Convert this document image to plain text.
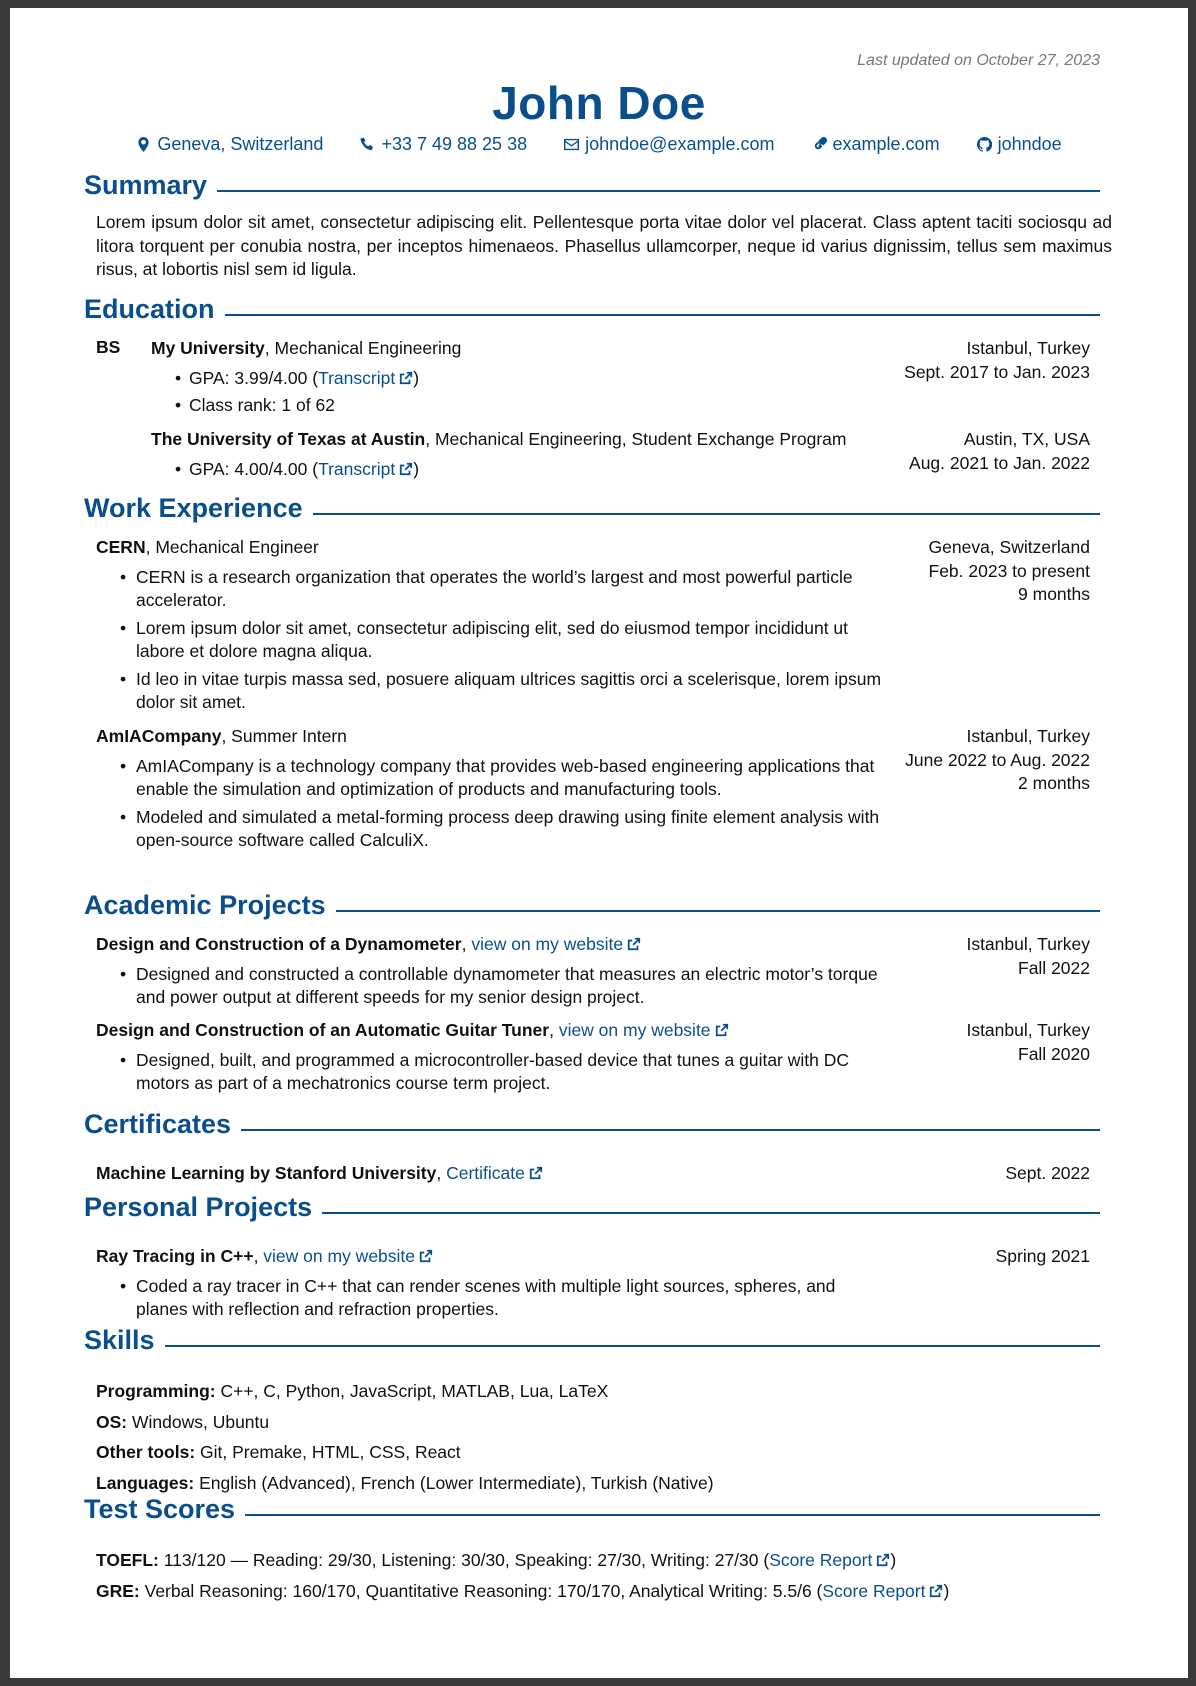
Last updated on October 27, 2023
John Doe
Geneva, Switzerland	+33 7 49 88 25 38	johndoe@example.com	example.com	johndoe
Summary
Lorem ipsum dolor sit amet, consectetur adipiscing elit. Pellentesque porta vitae dolor vel placerat. Class aptent taciti sociosqu ad litora torquent per conubia nostra, per inceptos himenaeos. Phasellus ullamcorper, neque id varius dignissim, tellus sem maximus risus, at lobortis nisl sem id ligula.
Education
BS My University, Mechanical Engineering
• GPA: 3.99/4.00 (Transcript )
• Class rank: 1 of 62
Istanbul, Turkey
Sept. 2017 to Jan. 2023
The University of Texas at Austin, Mechanical Engineering, Student Exchange Program
• GPA: 4.00/4.00 (Transcript )
Austin, TX, USA
Aug. 2021 to Jan. 2022
Work Experience
CERN, Mechanical Engineer
• CERN is a research organization that operates the world’s largest and most powerful particle accelerator.
• Lorem ipsum dolor sit amet, consectetur adipiscing elit, sed do eiusmod tempor incididunt ut labore et dolore magna aliqua.
• Id leo in vitae turpis massa sed, posuere aliquam ultrices sagittis orci a scelerisque, lorem ipsum dolor sit amet.
Geneva, Switzerland
Feb. 2023 to present
9 months
AmIACompany, Summer Intern
• AmIACompany is a technology company that provides web-based engineering applications that enable the simulation and optimization of products and manufacturing tools.
• Modeled and simulated a metal-forming process deep drawing using finite element analysis with open-source software called CalculiX.
Istanbul, Turkey
June 2022 to Aug. 2022
2 months
Academic Projects
Design and Construction of a Dynamometer, view on my website
• Designed and constructed a controllable dynamometer that measures an electric motor’s torque and power output at different speeds for my senior design project.
Istanbul, Turkey
Fall 2022
Design and Construction of an Automatic Guitar Tuner, view on my website
• Designed, built, and programmed a microcontroller-based device that tunes a guitar with DC motors as part of a mechatronics course term project.
Istanbul, Turkey
Fall 2020
Certificates
Machine Learning by Stanford University, Certificate	Sept. 2022
Personal Projects
Ray Tracing in C++, view on my website
• Coded a ray tracer in C++ that can render scenes with multiple light sources, spheres, and planes with reflection and refraction properties.
Spring 2021
Skills
Programming: C++, C, Python, JavaScript, MATLAB, Lua, LaTeX
OS: Windows, Ubuntu
Other tools: Git, Premake, HTML, CSS, React
Languages: English (Advanced), French (Lower Intermediate), Turkish (Native)
Test Scores
TOEFL: 113/120 — Reading: 29/30, Listening: 30/30, Speaking: 27/30, Writing: 27/30 (Score Report )
GRE: Verbal Reasoning: 160/170, Quantitative Reasoning: 170/170, Analytical Writing: 5.5/6 (Score Report )
